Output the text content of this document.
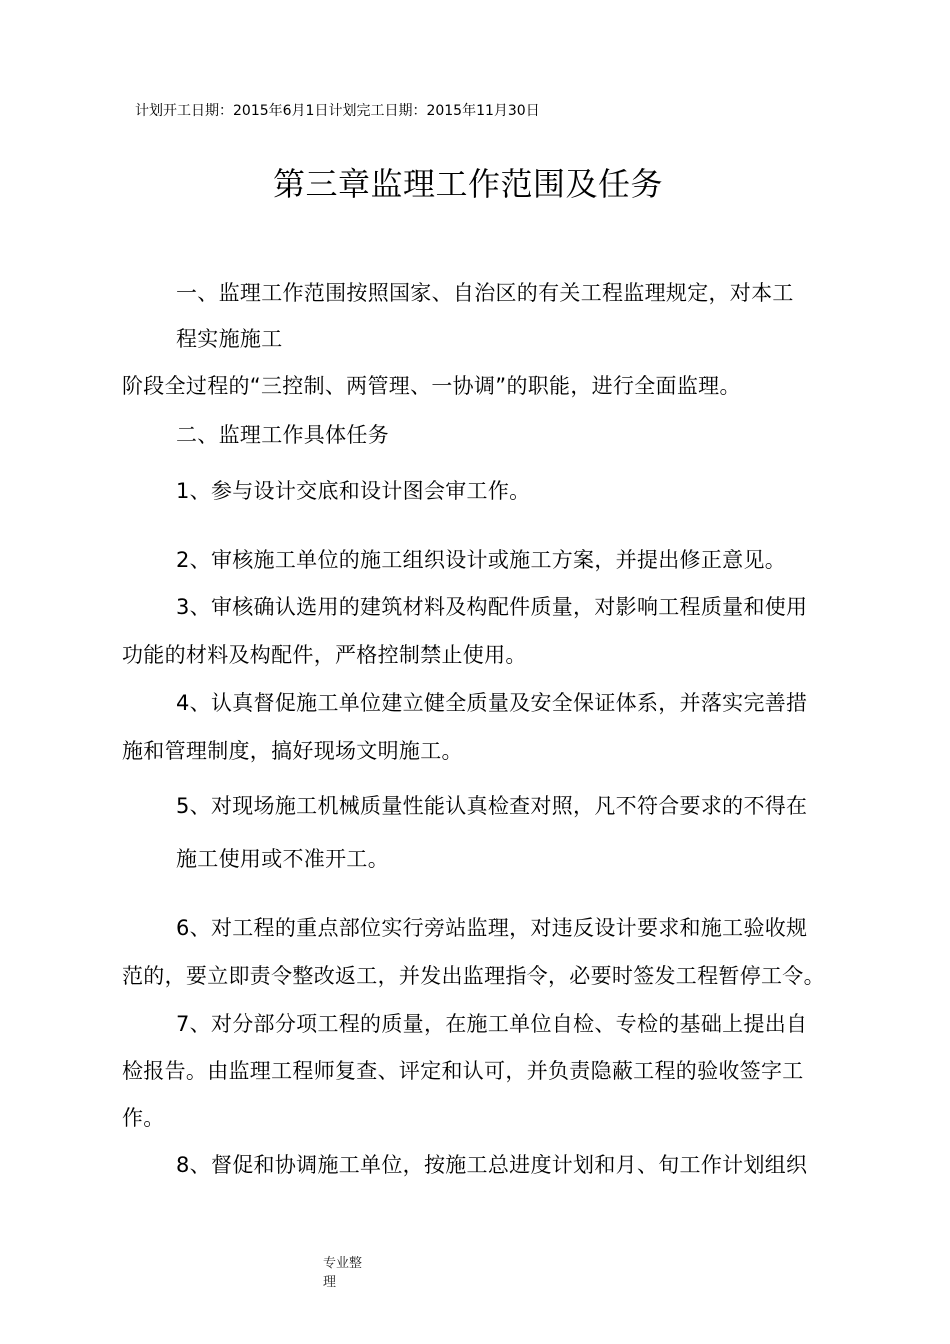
计划开工日期：2015年6月1日计划完工日期：2015年11月30日
第三章监理工作范围及任务
一、监理工作范围按照国家、自治区的有关工程监理规定，对本工
程实施施工
阶段全过程的“三控制、两管理、一协调”的职能，进行全面监理。
二、监理工作具体任务
1、参与设计交底和设计图会审工作。
2、审核施工单位的施工组织设计或施工方案，并提出修正意见。
3、审核确认选用的建筑材料及构配件质量，对影响工程质量和使用
功能的材料及构配件，严格控制禁止使用。
4、认真督促施工单位建立健全质量及安全保证体系，并落实完善措
施和管理制度，搞好现场文明施工。
5、对现场施工机械质量性能认真检查对照，凡不符合要求的不得在
施工使用或不准开工。
6、对工程的重点部位实行旁站监理，对违反设计要求和施工验收规
范的，要立即责令整改返工，并发出监理指令，必要时签发工程暂停工令。
7、对分部分项工程的质量，在施工单位自检、专检的基础上提出自
检报告。由监理工程师复查、评定和认可，并负责隐蔽工程的验收签字工
作。
8、督促和协调施工单位，按施工总进度计划和月、旬工作计划组织
专业整
理
